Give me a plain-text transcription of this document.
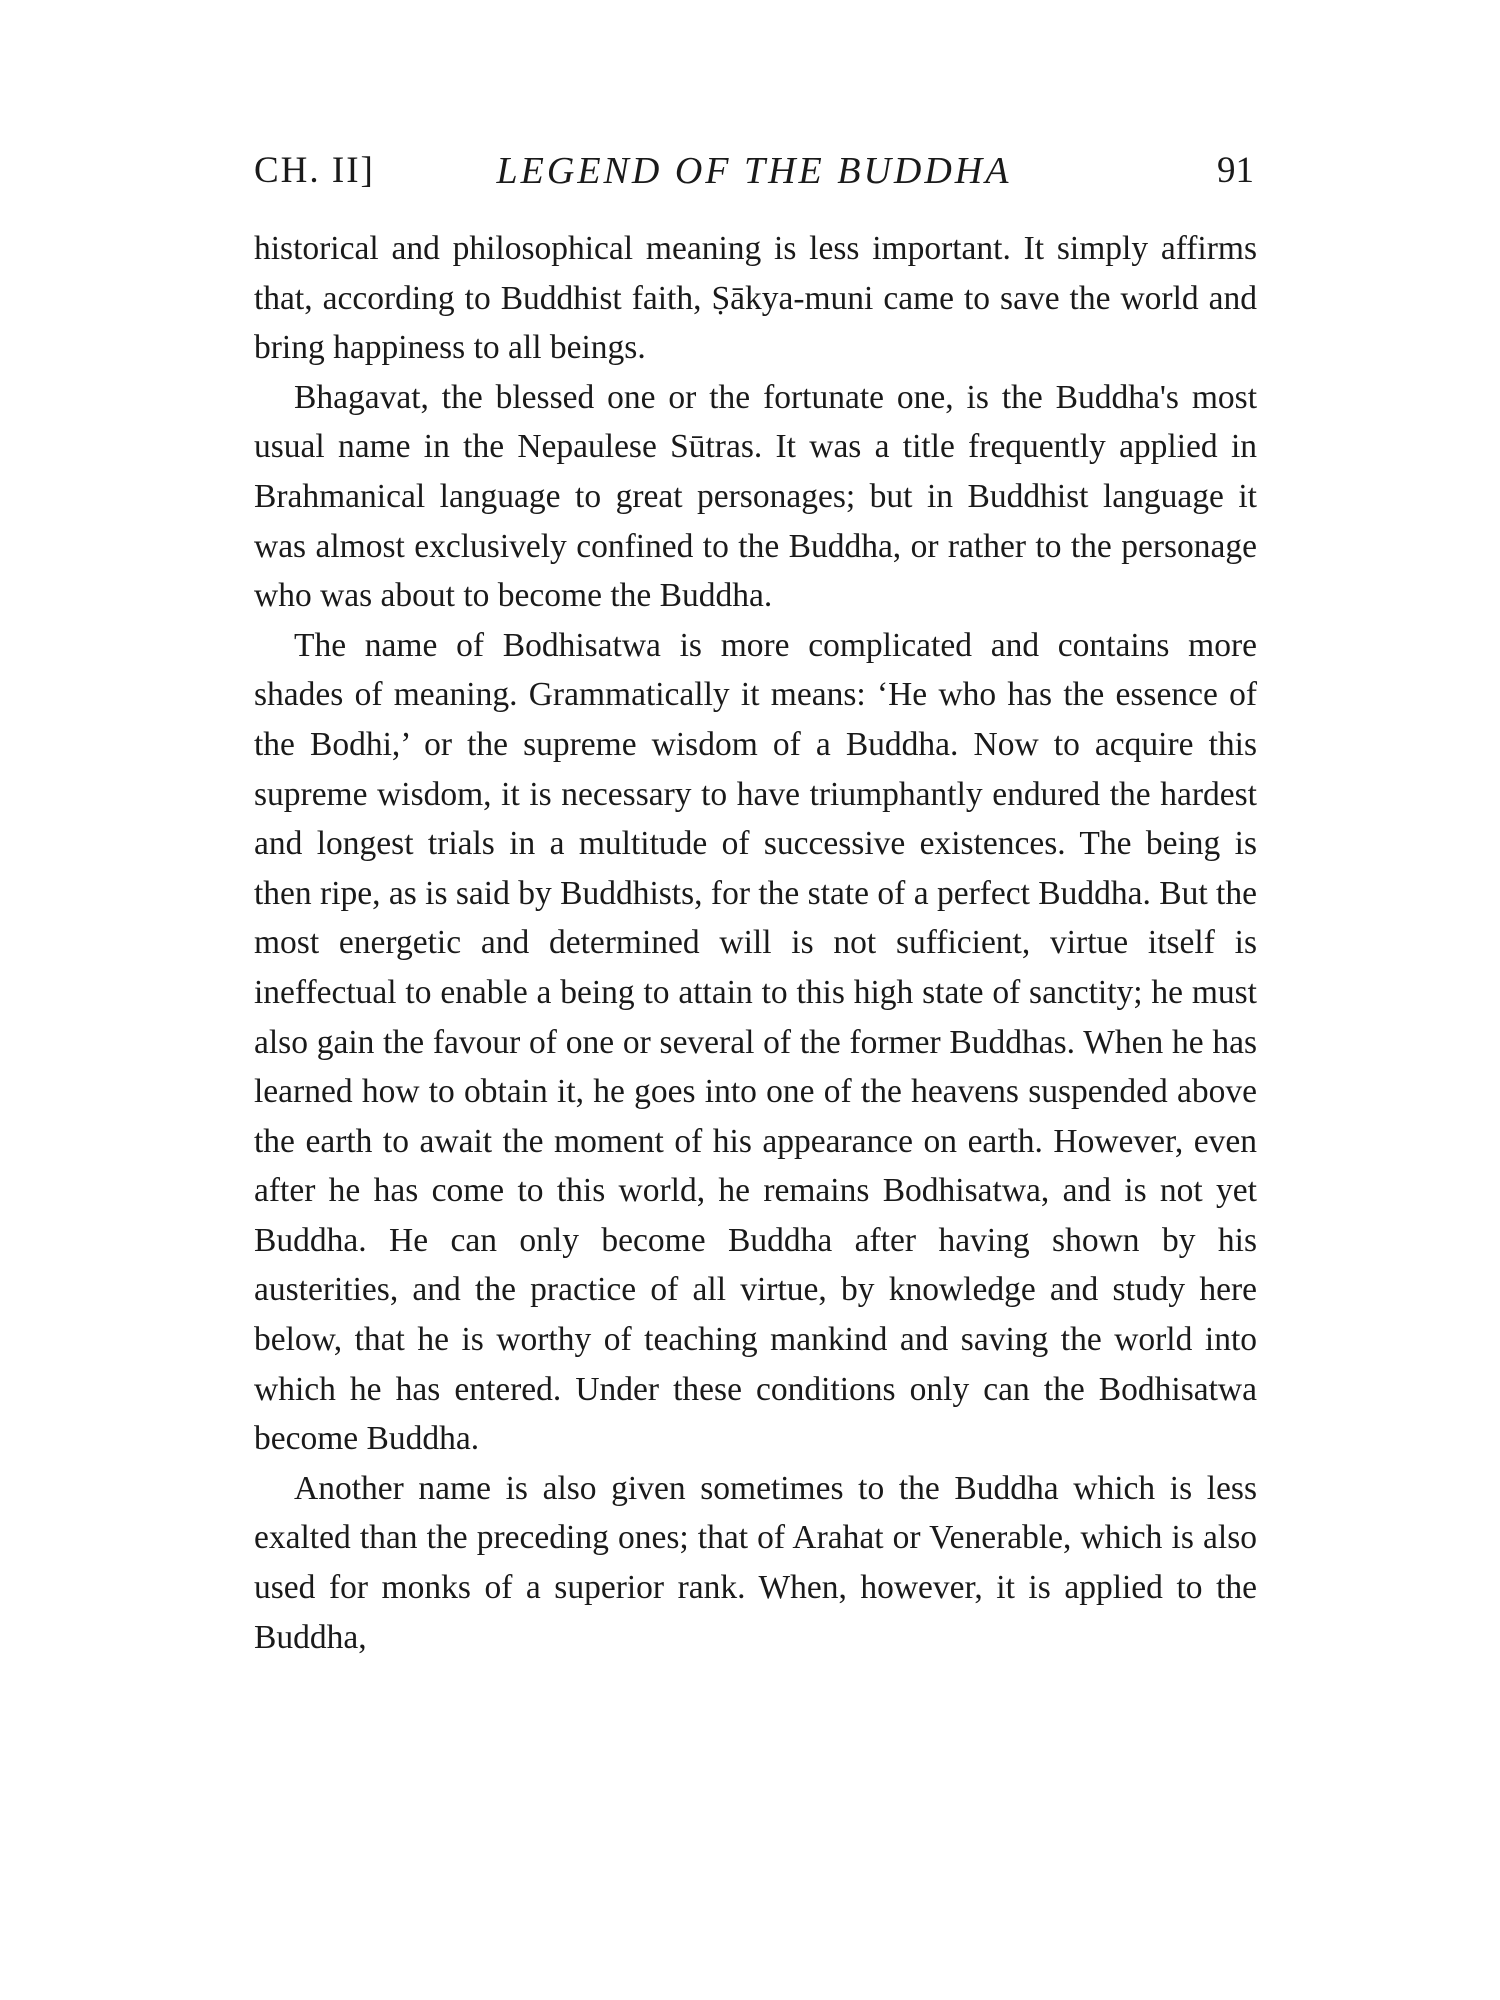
CH. II]	LEGEND OF THE BUDDHA	91

historical and philosophical meaning is less important. It simply affirms that, according to Buddhist faith, Ṣākya-muni came to save the world and bring happiness to all beings.

Bhagavat, the blessed one or the fortunate one, is the Buddha's most usual name in the Nepaulese Sūtras. It was a title frequently applied in Brahmanical language to great personages; but in Buddhist language it was almost exclusively confined to the Buddha, or rather to the personage who was about to become the Buddha.

The name of Bodhisatwa is more complicated and contains more shades of meaning. Grammatically it means: ‘He who has the essence of the Bodhi,’ or the supreme wisdom of a Buddha. Now to acquire this supreme wisdom, it is necessary to have triumphantly endured the hardest and longest trials in a multitude of successive existences. The being is then ripe, as is said by Buddhists, for the state of a perfect Buddha. But the most energetic and determined will is not sufficient, virtue itself is ineffectual to enable a being to attain to this high state of sanctity; he must also gain the favour of one or several of the former Buddhas. When he has learned how to obtain it, he goes into one of the heavens suspended above the earth to await the moment of his appearance on earth. However, even after he has come to this world, he remains Bodhisatwa, and is not yet Buddha. He can only become Buddha after having shown by his austerities, and the practice of all virtue, by knowledge and study here below, that he is worthy of teaching mankind and saving the world into which he has entered. Under these conditions only can the Bodhisatwa become Buddha.

Another name is also given sometimes to the Buddha which is less exalted than the preceding ones; that of Arahat or Venerable, which is also used for monks of a superior rank. When, however, it is applied to the Buddha,
